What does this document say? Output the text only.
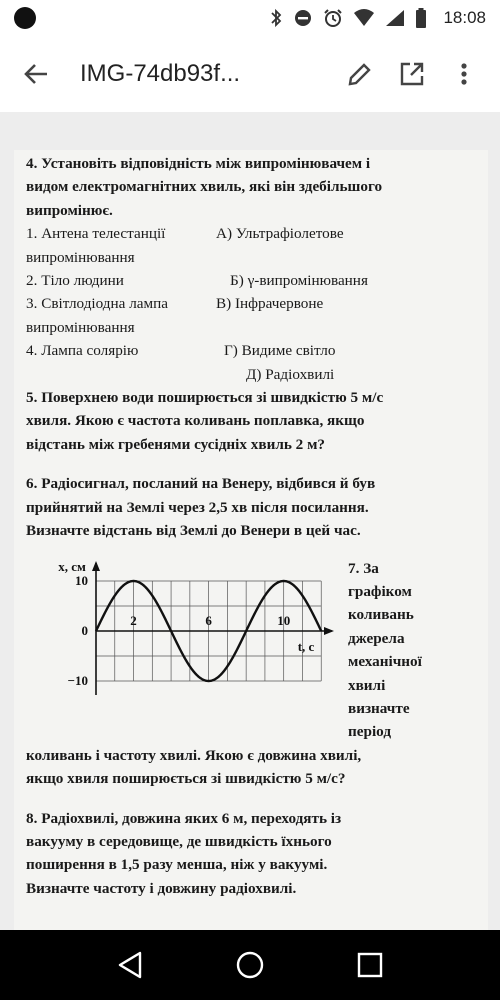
18:08
IMG-74db93f...
4. Установіть відповідність між випромінювачем і
видом електромагнітних хвиль, які він здебільшого
випромінює.
1. Антена телестанції	А) Ультрафіолетове
випромінювання
2. Тіло людини	Б) γ-випромінювання
3. Світлодіодна лампа	В) Інфрачервоне
випромінювання
4. Лампа солярію	Г) Видиме світло
Д) Радіохвилі
5. Поверхнею води поширюється зі швидкістю 5 м/с
хвиля. Якою є частота коливань поплавка, якщо
відстань між гребенями сусідніх хвиль 2 м?
6. Радіосигнал, посланий на Венеру, відбився й був
прийнятий на Землі через 2,5 хв після посилання.
Визначте відстань від Землі до Венери в цей час.
x, см
t, с
10
0
−10
2	6	10
7. За
графіком
коливань
джерела
механічної
хвилі
визначте
період
коливань і частоту хвилі. Якою є довжина хвилі,
якщо хвиля поширюється зі швидкістю 5 м/с?
8. Радіохвилі, довжина яких 6 м, переходять із
вакууму в середовище, де швидкість їхнього
поширення в 1,5 разу менша, ніж у вакуумі.
Визначте частоту і довжину радіохвилі.
